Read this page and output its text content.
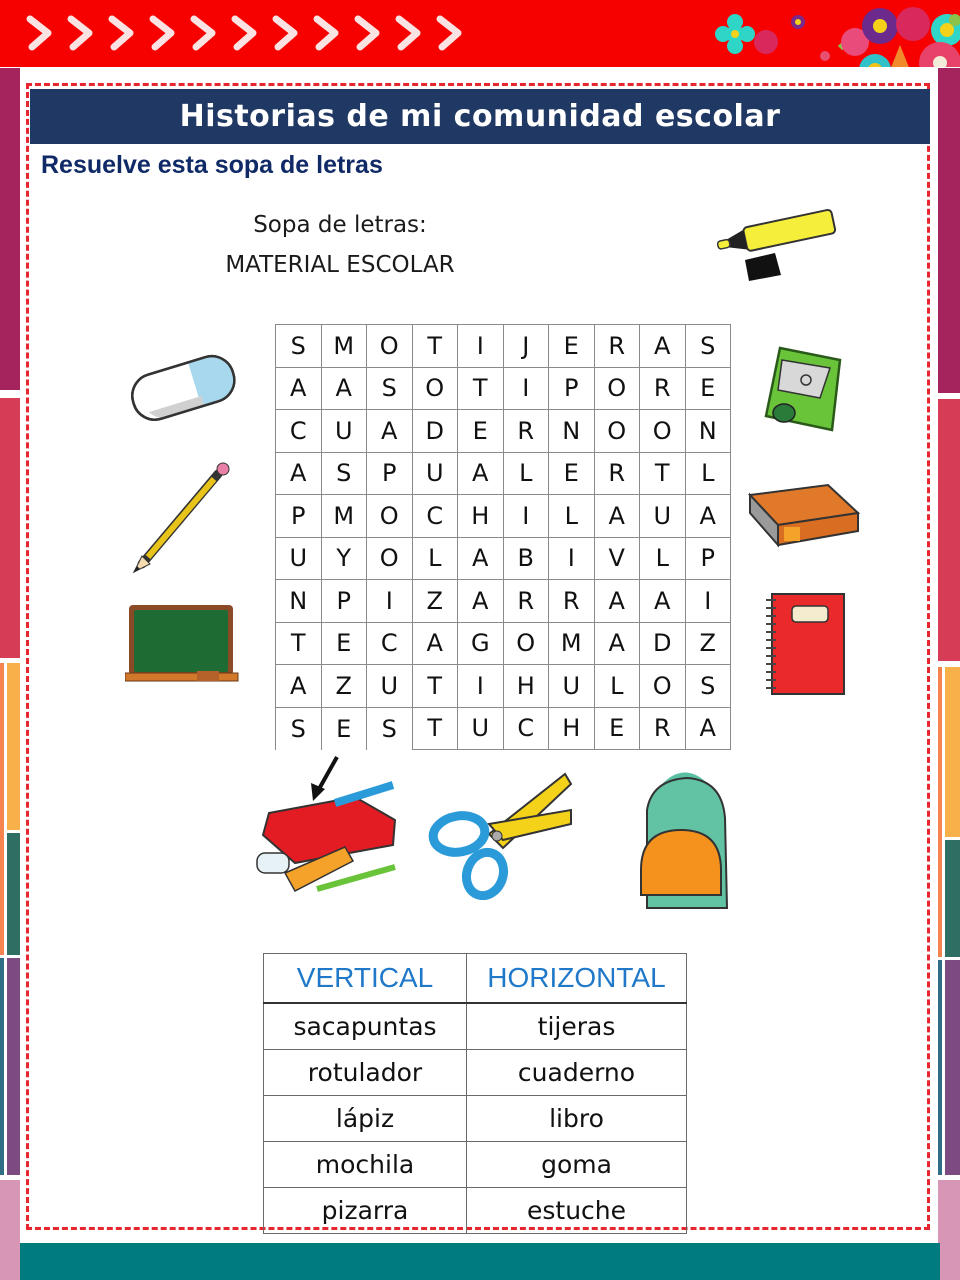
Historias de mi comunidad escolar
Resuelve esta sopa de letras
Sopa de letras:
MATERIAL ESCOLAR
S	M	O	T	I	J	E	R	A	S
A	A	S	O	T	I	P	O	R	E
C	U	A	D	E	R	N	O	O	N
A	S	P	U	A	L	E	R	T	L
P	M	O	C	H	I	L	A	U	A
U	Y	O	L	A	B	I	V	L	P
N	P	I	Z	A	R	R	A	A	I
T	E	C	A	G	O	M	A	D	Z
A	Z	U	T	I	H	U	L	O	S
S	E	S	T	U	C	H	E	R	A
VERTICAL	HORIZONTAL
sacapuntas	tijeras
rotulador	cuaderno
lápiz	libro
mochila	goma
pizarra	estuche
